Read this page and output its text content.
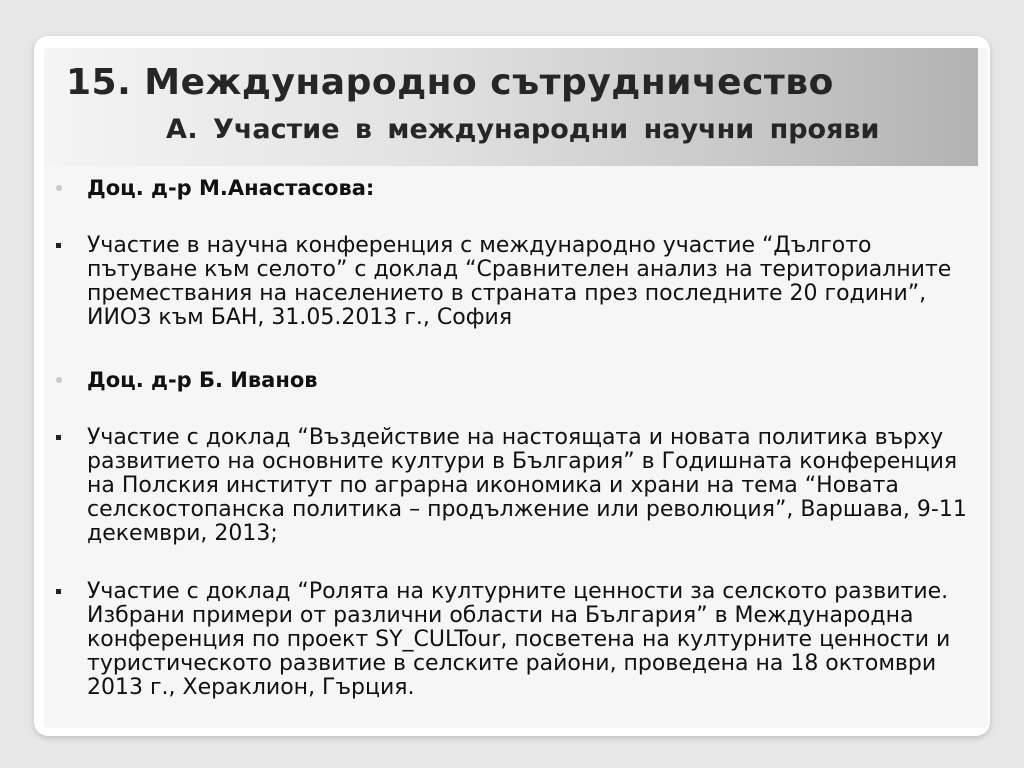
15. Международно сътрудничество
A. Участие в международни научни прояви
Доц. д-р М.Анастасова:
Участие в научна конференция с международно участие “Дългото пътуване към селото” с доклад “Сравнителен анализ на териториалните премествания на населението в страната през последните 20 години”, ИИОЗ към БАН, 31.05.2013 г., София
Доц. д-р Б. Иванов
Участие с доклад “Въздействие на настоящата и новата политика върху развитието на основните култури в България” в Годишната конференция на Полския институт по аграрна икономика и храни на тема “Новата селскостопанска политика – продължение или революция”, Варшава, 9-11 декември, 2013;
Участие с доклад “Ролята на културните ценности за селското развитие. Избрани примери от различни области на България” в Международна конференция по проект SY_CULTour, посветена на културните ценности и туристическото развитие в селските райони, проведена на 18 октомври 2013 г., Хераклион, Гърция.
